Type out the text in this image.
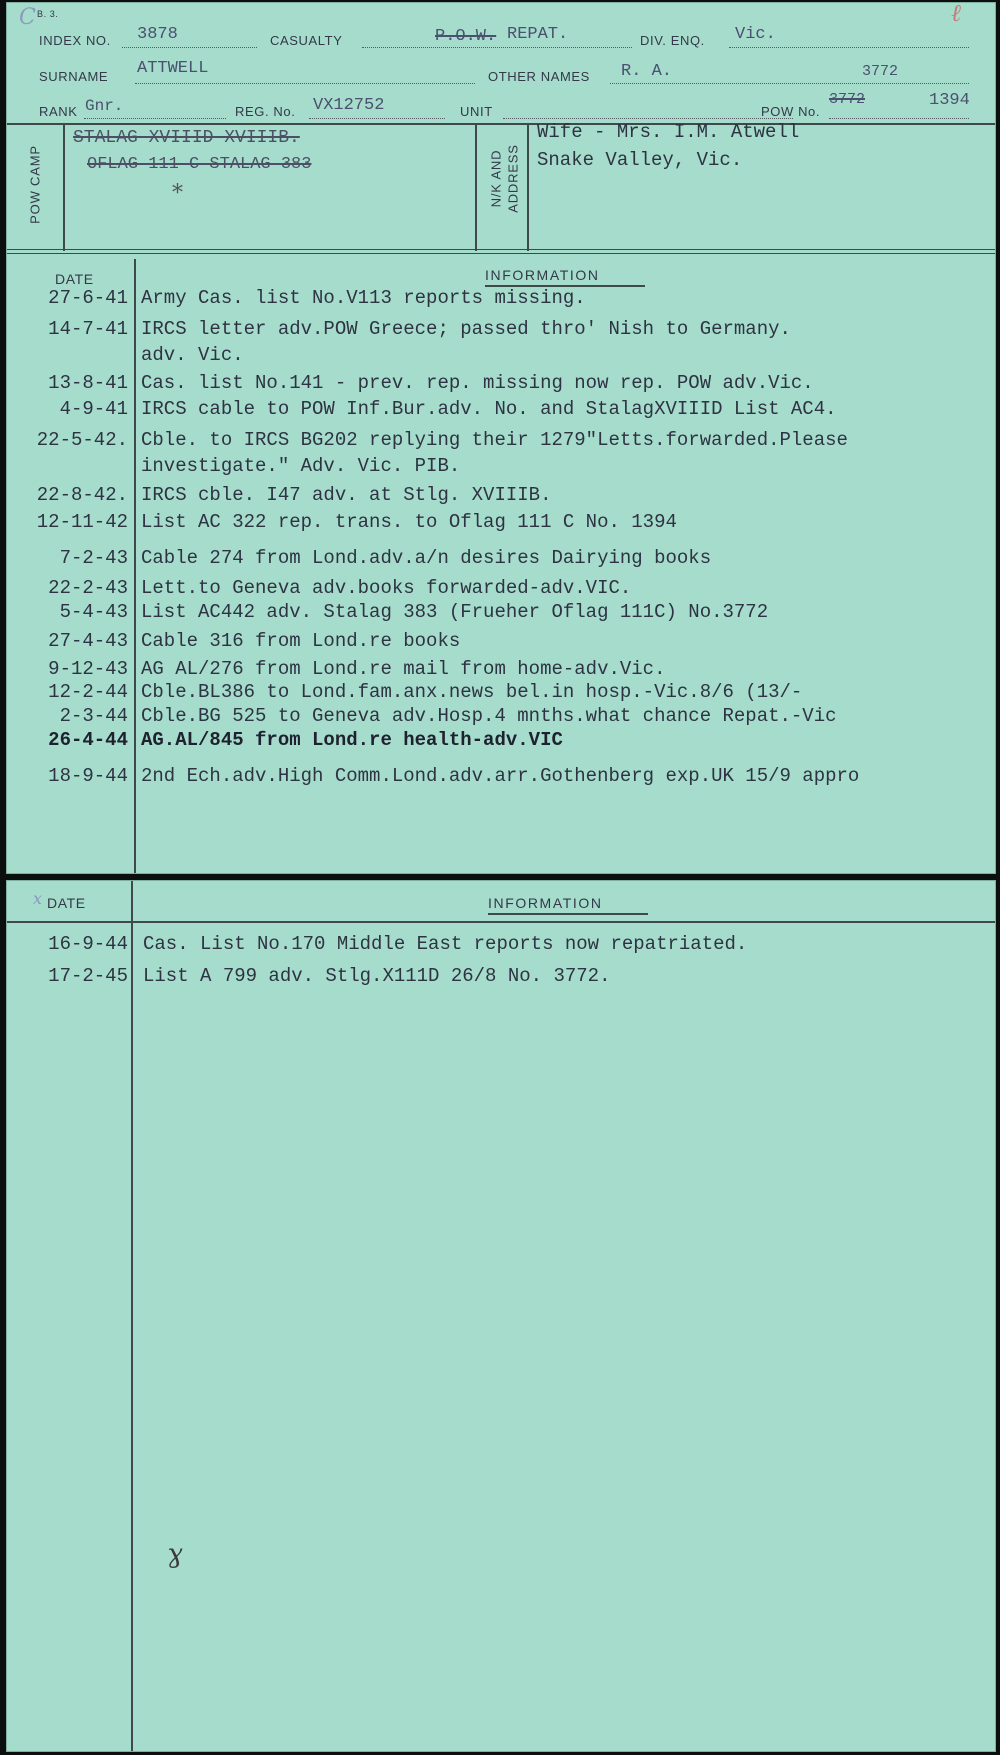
C B. 3.	ℓ
INDEX NO. 3878	CASUALTY	P.O.W. REPAT.	DIV. ENQ. Vic.
SURNAME ATTWELL	OTHER NAMES R. A.	3772
RANK Gnr.	REG. No. VX12752	UNIT	POW No.
3772	1394
POW CAMP
STALAG XVIIID XVIIIB.
OFLAG 111 C STALAG 383
*	N/K AND ADDRESS
Wife - Mrs. I.M. Atwell
Snake Valley, Vic.
DATE	INFORMATION
27-6-41 Army Cas. list No.V113 reports missing.
14-7-41 IRCS letter adv.POW Greece; passed thro' Nish to Germany.
adv. Vic.
13-8-41 Cas. list No.141 - prev. rep. missing now rep. POW adv.Vic.
4-9-41 IRCS cable to POW Inf.Bur.adv. No. and StalagXVIIID List AC4.
22-5-42. Cble. to IRCS BG202 replying their 1279"Letts.forwarded.Please
investigate." Adv. Vic. PIB.
22-8-42. IRCS cble. I47 adv. at Stlg. XVIIIB.
12-11-42 List AC 322 rep. trans. to Oflag 111 C No. 1394
7-2-43 Cable 274 from Lond.adv.a/n desires Dairying books
22-2-43 Lett.to Geneva adv.books forwarded-adv.VIC.
5-4-43 List AC442 adv. Stalag 383 (Frueher Oflag 111C) No.3772
27-4-43 Cable 316 from Lond.re books
9-12-43 AG AL/276 from Lond.re mail from home-adv.Vic.
12-2-44 Cble.BL386 to Lond.fam.anx.news bel.in hosp.-Vic.8/6 (13/-
2-3-44 Cble.BG 525 to Geneva adv.Hosp.4 mnths.what chance Repat.-Vic
26-4-44 AG.AL/845 from Lond.re health-adv.VIC
18-9-44 2nd Ech.adv.High Comm.Lond.adv.arr.Gothenberg exp.UK 15/9 appro
x DATE	INFORMATION
16-9-44 Cas. List No.170 Middle East reports now repatriated.
17-2-45 List A 799 adv. Stlg.X111D 26/8 No. 3772.
ɣ
